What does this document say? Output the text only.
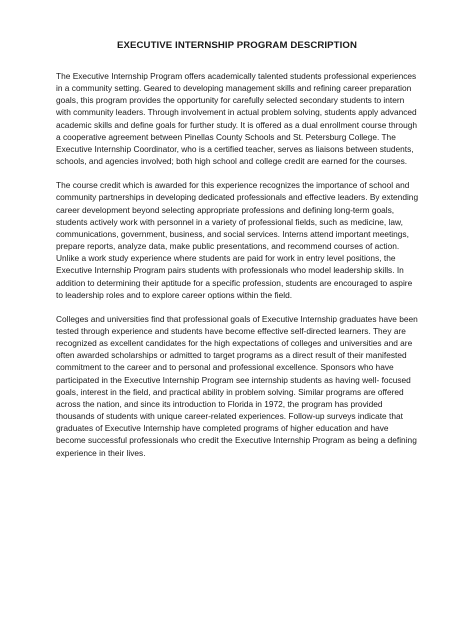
EXECUTIVE INTERNSHIP PROGRAM DESCRIPTION

The Executive Internship Program offers academically talented students professional experiences in a community setting. Geared to developing management skills and refining career preparation goals, this program provides the opportunity for carefully selected secondary students to intern with community leaders. Through involvement in actual problem solving, students apply advanced academic skills and define goals for further study. It is offered as a dual enrollment course through a cooperative agreement between Pinellas County Schools and St. Petersburg College. The Executive Internship Coordinator, who is a certified teacher, serves as liaisons between students, schools, and agencies involved; both high school and college credit are earned for the courses.

The course credit which is awarded for this experience recognizes the importance of school and community partnerships in developing dedicated professionals and effective leaders. By extending career development beyond selecting appropriate professions and defining long-term goals, students actively work with personnel in a variety of professional fields, such as medicine, law, communications, government, business, and social services. Interns attend important meetings, prepare reports, analyze data, make public presentations, and recommend courses of action. Unlike a work study experience where students are paid for work in entry level positions, the Executive Internship Program pairs students with professionals who model leadership skills. In addition to determining their aptitude for a specific profession, students are encouraged to aspire to leadership roles and to explore career options within the field.

Colleges and universities find that professional goals of Executive Internship graduates have been tested through experience and students have become effective self-directed learners. They are recognized as excellent candidates for the high expectations of colleges and universities and are often awarded scholarships or admitted to target programs as a direct result of their manifested commitment to the career and to personal and professional excellence. Sponsors who have participated in the Executive Internship Program see internship students as having well- focused goals, interest in the field, and practical ability in problem solving. Similar programs are offered across the nation, and since its introduction to Florida in 1972, the program has provided thousands of students with unique career-related experiences. Follow-up surveys indicate that graduates of Executive Internship have completed programs of higher education and have become successful professionals who credit the Executive Internship Program as being a defining experience in their lives.
